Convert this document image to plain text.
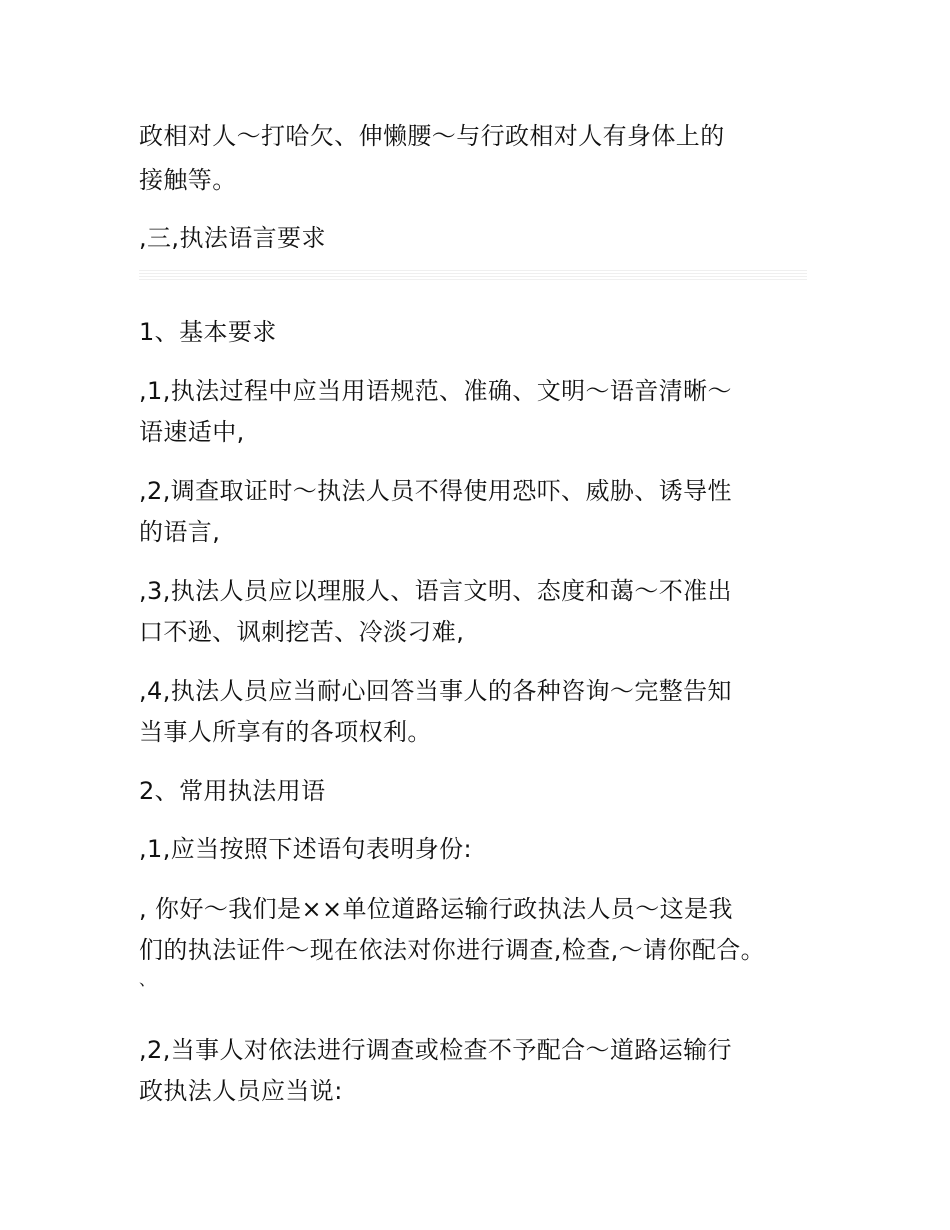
政相对人～打哈欠、伸懒腰～与行政相对人有身体上的
接触等。
,三,执法语言要求
1、基本要求
,1,执法过程中应当用语规范、准确、文明～语音清晰～
语速适中,
,2,调查取证时～执法人员不得使用恐吓、威胁、诱导性
的语言,
,3,执法人员应以理服人、语言文明、态度和蔼～不准出
口不逊、讽刺挖苦、冷淡刁难,
,4,执法人员应当耐心回答当事人的各种咨询～完整告知
当事人所享有的各项权利。
2、常用执法用语
,1,应当按照下述语句表明身份:
, 你好～我们是××单位道路运输行政执法人员～这是我
们的执法证件～现在依法对你进行调查,检查,～请你配合。
、
,2,当事人对依法进行调查或检查不予配合～道路运输行
政执法人员应当说:
